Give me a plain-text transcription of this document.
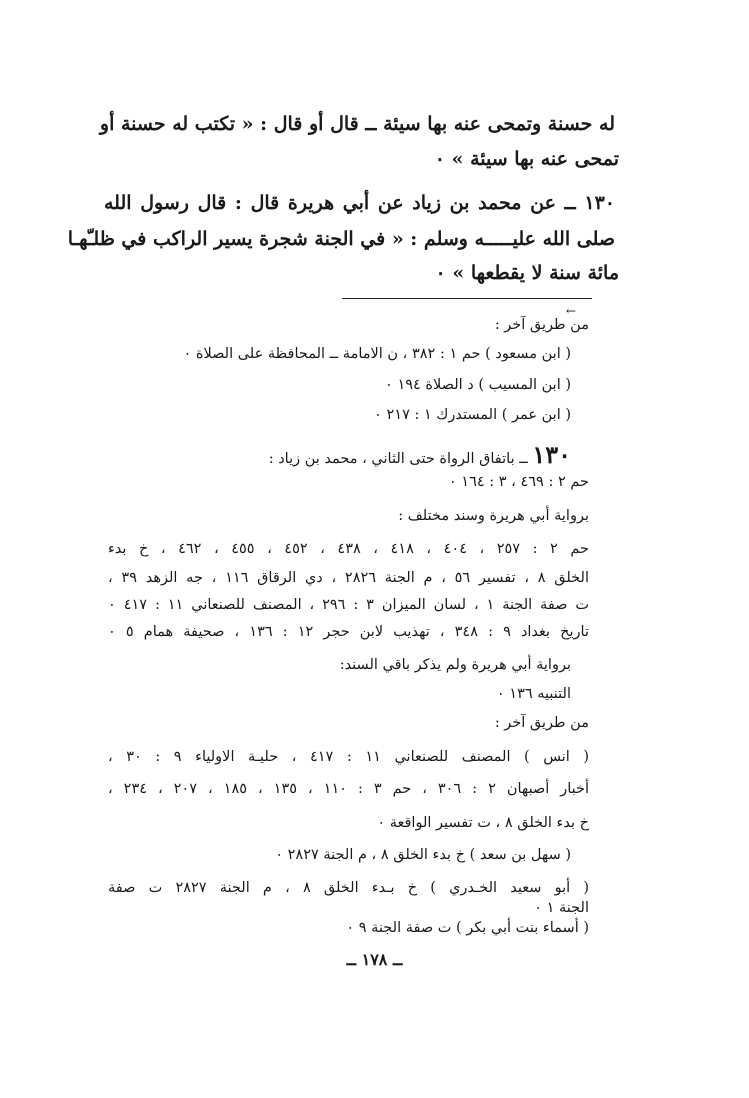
له حسنة وتمحى عنه بها سيئة ــ قال أو قال : « تكتب له حسنة أو
تمحى عنه بها سيئة » ٠
١٣٠ ــ عن محمد بن زياد عن أبي هريرة قال : قال رسول الله
صلى الله عليـــــه وسلم : « في الجنة شجرة يسير الراكب في ظلـّهـا
مائة سنة لا يقطعها » ٠
←
من طريق آخر :
( ابن مسعود ) حم ١ : ٣٨٢ ، ن الامامة ــ المحافظة على الصلاة ٠
( ابن المسيب ) د الصلاة ١٩٤ ٠
( ابن عمر ) المستدرك ١ : ٢١٧ ٠
١٣٠ ــ باتفاق الرواة حتى الثاني ، محمد بن زياد :
حم ٢ : ٤٦٩ ، ٣ : ١٦٤ ٠
برواية أبي هريرة وسند مختلف :
حم ٢ : ٢٥٧ ، ٤٠٤ ، ٤١٨ ، ٤٣٨ ، ٤٥٢ ، ٤٥٥ ، ٤٦٢ ، خ بدء
الخلق ٨ ، تفسير ٥٦ ، م الجنة ٢٨٢٦ ، دي الرقاق ١١٦ ، جه الزهد ٣٩ ،
ت صفة الجنة ١ ، لسان الميزان ٣ : ٢٩٦ ، المصنف للصنعاني ١١ : ٤١٧ ٠
تاريخ بغداد ٩ : ٣٤٨ ، تهذيب لابن حجر ١٢ : ١٣٦ ، صحيفة همام ٥ ٠
برواية أبي هريرة ولم يذكر باقي السند:
التنبيه ١٣٦ ٠
من طريق آخر :
( انس ) المصنف للصنعاني ١١ : ٤١٧ ، حليـة الاولياء ٩ : ٣٠ ،
أخبار أصبهان ٢ : ٣٠٦ ، حم ٣ : ١١٠ ، ١٣٥ ، ١٨٥ ، ٢٠٧ ، ٢٣٤ ،
خ بدء الخلق ٨ ، ت تفسير الواقعة ٠
( سهل بن سعد ) خ بدء الخلق ٨ ، م الجنة ٢٨٢٧ ٠
( أبو سعيد الخـدري ) خ بـدء الخلق ٨ ، م الجنة ٢٨٢٧ ت صفة
الجنة ١ ٠
( أسماء بنت أبي بكر ) ت صفة الجنة ٩ ٠
ــ ١٧٨ ــ
